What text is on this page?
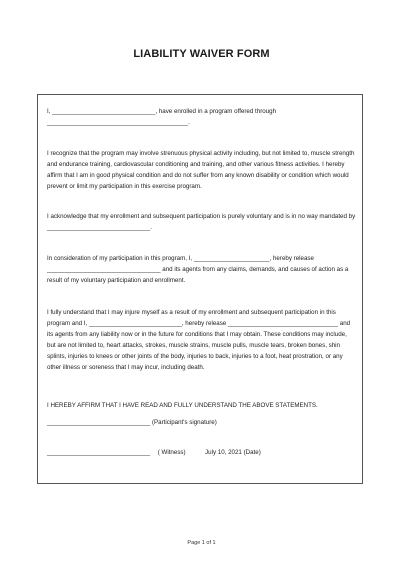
LIABILITY WAIVER FORM
I, ______________________________, have enrolled in a program offered through
_________________________________________.
I recognize that the program may involve strenuous physical activity including, but not limited to, muscle strength and endurance training, cardiovascular conditioning and training, and other various fitness activities. I hereby affirm that I am in good physical condition and do not suffer from any known disability or condition which would prevent or limit my participation in this exercise program.
I acknowledge that my enrollment and subsequent participation is purely voluntary and is in no way mandated by ______________________________.
In consideration of my participation in this program, I, ______________________, hereby release _________________________________ and its agents from any claims, demands, and causes of action as a result of my voluntary participation and enrollment.
I fully understand that I may injure myself as a result of my enrollment and subsequent participation in this program and I, ___________________________, hereby release ________________________________ and its agents from any liability now or in the future for conditions that I may obtain. These conditions may include, but are not limited to, heart attacks, strokes, muscle strains, muscle pulls, muscle tears, broken bones, shin splints, injuries to knees or other joints of the body, injuries to back, injuries to a foot, heat prostration, or any other illness or soreness that I may incur, including death.
I HEREBY AFFIRM THAT I HAVE READ AND FULLY UNDERSTAND THE ABOVE STATEMENTS.
______________________________ (Participant's signature)
______________________________ ( Witness)	July 10, 2021 (Date)
Page 1 of 1
